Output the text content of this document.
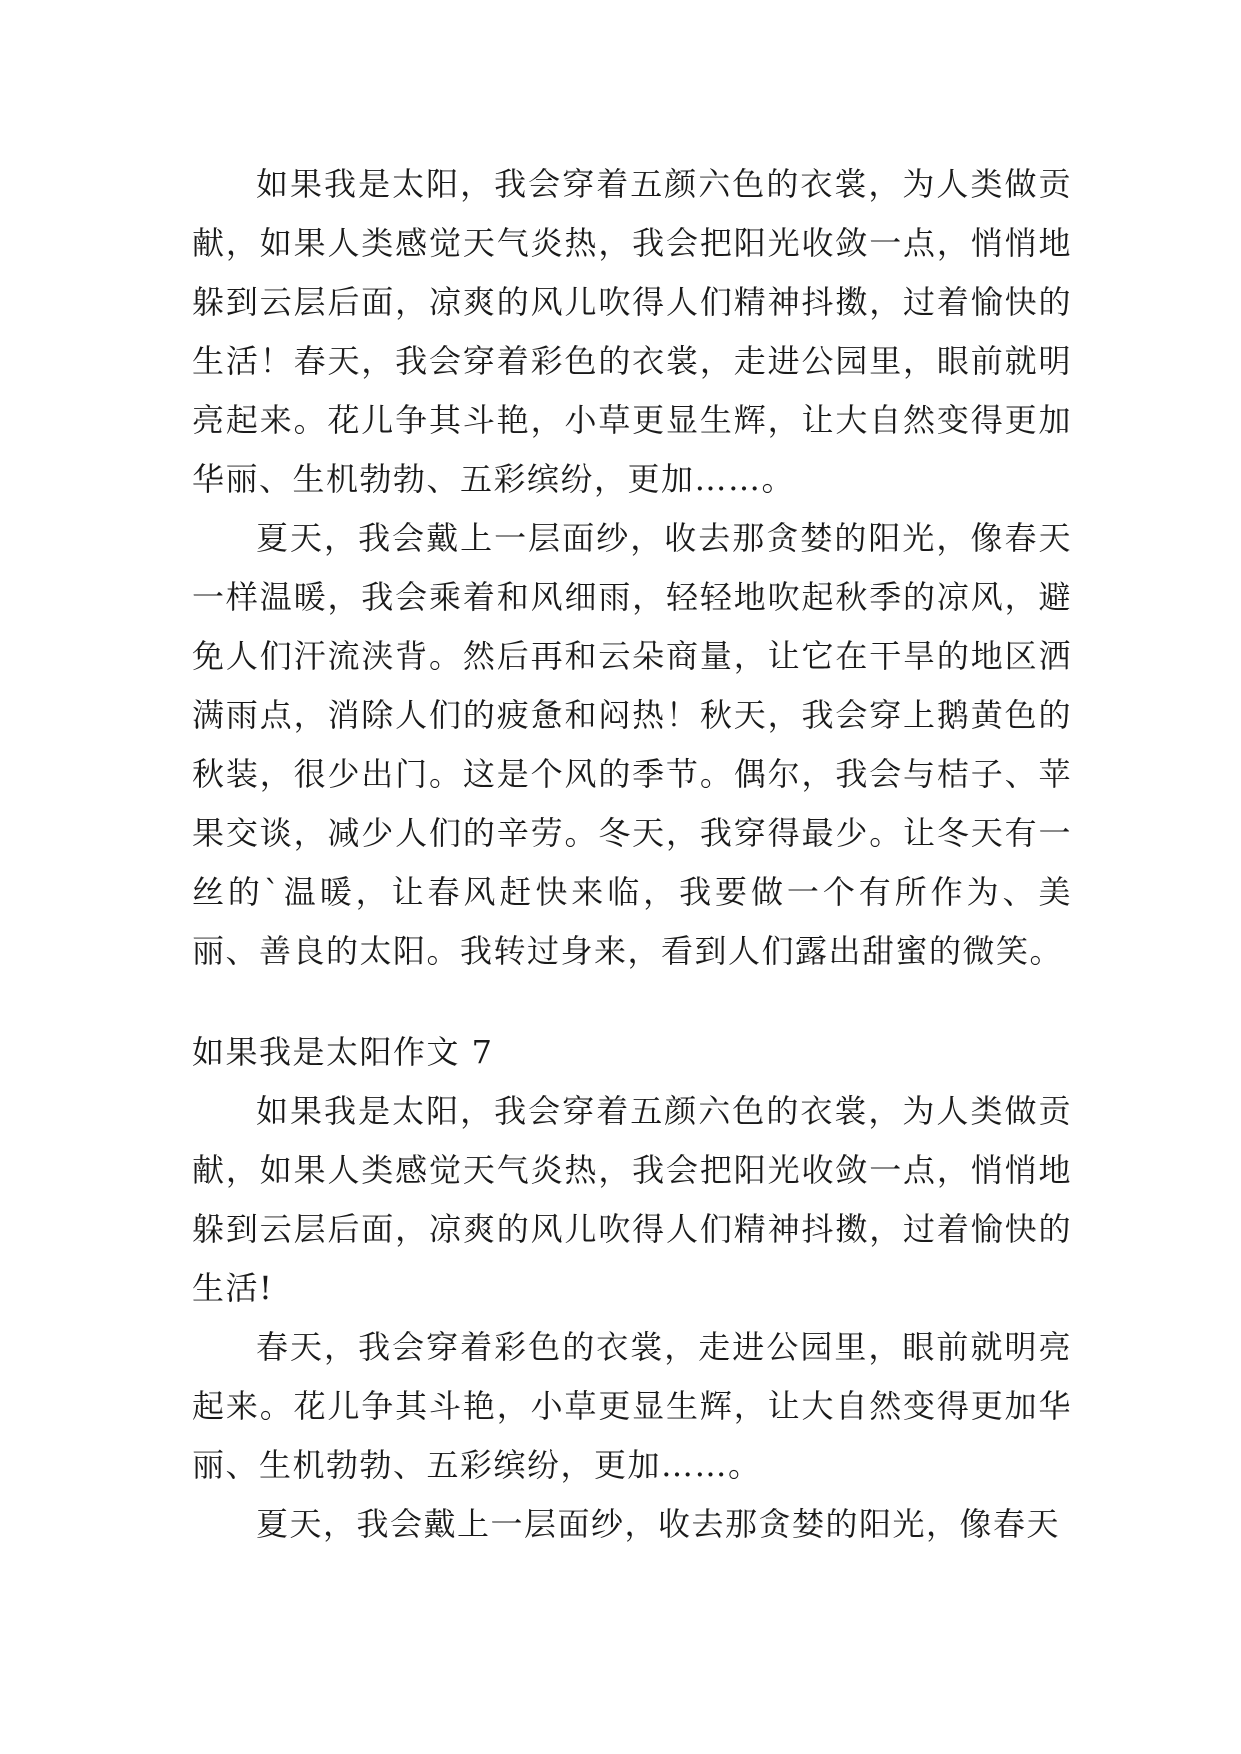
如果我是太阳，我会穿着五颜六色的衣裳，为人类做贡献，如果人类感觉天气炎热，我会把阳光收敛一点，悄悄地躲到云层后面，凉爽的风儿吹得人们精神抖擞，过着愉快的生活！春天，我会穿着彩色的衣裳，走进公园里，眼前就明亮起来。花儿争其斗艳，小草更显生辉，让大自然变得更加华丽、生机勃勃、五彩缤纷，更加……。

夏天，我会戴上一层面纱，收去那贪婪的阳光，像春天一样温暖，我会乘着和风细雨，轻轻地吹起秋季的凉风，避免人们汗流浃背。然后再和云朵商量，让它在干旱的地区洒满雨点，消除人们的疲惫和闷热！秋天，我会穿上鹅黄色的秋装，很少出门。这是个风的季节。偶尔，我会与桔子、苹果交谈，减少人们的辛劳。冬天，我穿得最少。让冬天有一丝的`温暖，让春风赶快来临，我要做一个有所作为、美丽、善良的太阳。我转过身来，看到人们露出甜蜜的微笑。

如果我是太阳作文 7

如果我是太阳，我会穿着五颜六色的衣裳，为人类做贡献，如果人类感觉天气炎热，我会把阳光收敛一点，悄悄地躲到云层后面，凉爽的风儿吹得人们精神抖擞，过着愉快的生活!

春天，我会穿着彩色的衣裳，走进公园里，眼前就明亮起来。花儿争其斗艳，小草更显生辉，让大自然变得更加华丽、生机勃勃、五彩缤纷，更加……。

夏天，我会戴上一层面纱，收去那贪婪的阳光，像春天
